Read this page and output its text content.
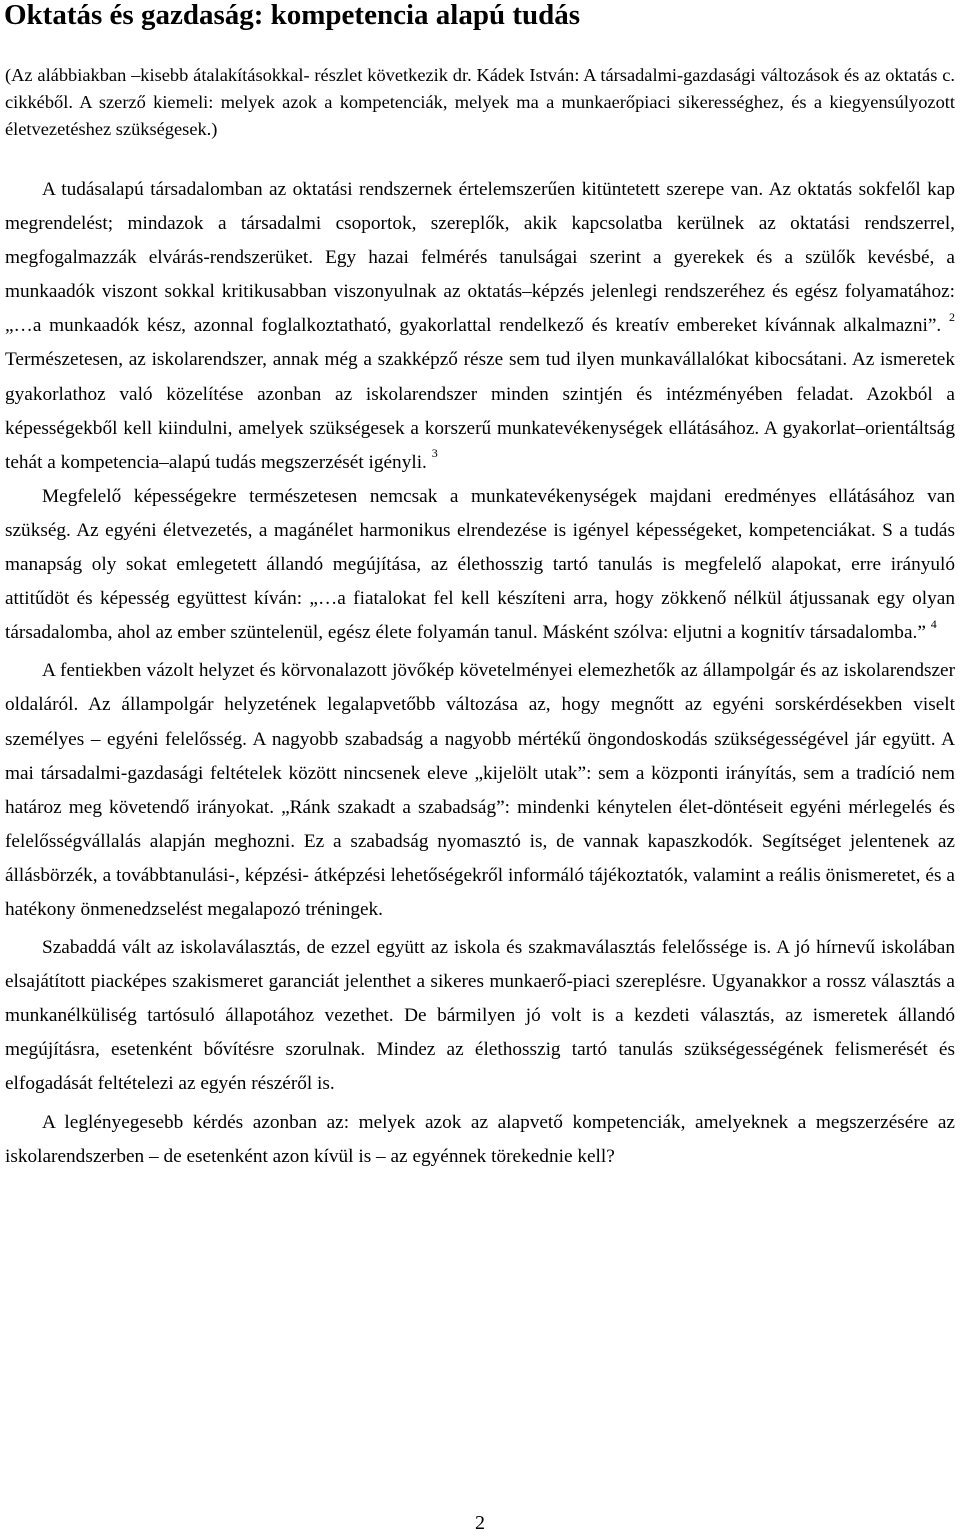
Oktatás és gazdaság: kompetencia alapú tudás

(Az alábbiakban –kisebb átalakításokkal- részlet következik dr. Kádek István: A társadalmi-gazdasági változások és az oktatás c. cikkéből. A szerző kiemeli: melyek azok a kompetenciák, melyek ma a munkaerőpiaci sikerességhez, és a kiegyensúlyozott életvezetéshez szükségesek.)

A tudásalapú társadalomban az oktatási rendszernek értelemszerűen kitüntetett szerepe van. Az oktatás sokfelől kap megrendelést; mindazok a társadalmi csoportok, szereplők, akik kapcsolatba kerülnek az oktatási rendszerrel, megfogalmazzák elvárás-rendszerüket. Egy hazai felmérés tanulságai szerint a gyerekek és a szülők kevésbé, a munkaadók viszont sokkal kritikusabban viszonyulnak az oktatás–képzés jelenlegi rendszeréhez és egész folyamatához: „…a munkaadók kész, azonnal foglalkoztatható, gyakorlattal rendelkező és kreatív embereket kívánnak alkalmazni”. $^2$ Természetesen, az iskolarendszer, annak még a szakképző része sem tud ilyen munkavállalókat kibocsátani. Az ismeretek gyakorlathoz való közelítése azonban az iskolarendszer minden szintjén és intézményében feladat. Azokból a képességekből kell kiindulni, amelyek szükségesek a korszerű munkatevékenységek ellátásához. A gyakorlat–orientáltság tehát a kompetencia–alapú tudás megszerzését igényli. $^3$

Megfelelő képességekre természetesen nemcsak a munkatevékenységek majdani eredményes ellátásához van szükség. Az egyéni életvezetés, a magánélet harmonikus elrendezése is igényel képességeket, kompetenciákat. S a tudás manapság oly sokat emlegetett állandó megújítása, az élethosszig tartó tanulás is megfelelő alapokat, erre irányuló attitűdöt és képesség együttest kíván: „…a fiatalokat fel kell készíteni arra, hogy zökkenő nélkül átjussanak egy olyan társadalomba, ahol az ember szüntelenül, egész élete folyamán tanul. Másként szólva: eljutni a kognitív társadalomba.” $^4$

A fentiekben vázolt helyzet és körvonalazott jövőkép követelményei elemezhetők az állampolgár és az iskolarendszer oldaláról. Az állampolgár helyzetének legalapvetőbb változása az, hogy megnőtt az egyéni sorskérdésekben viselt személyes – egyéni felelősség. A nagyobb szabadság a nagyobb mértékű öngondoskodás szükségességével jár együtt. A mai társadalmi-gazdasági feltételek között nincsenek eleve „kijelölt utak”: sem a központi irányítás, sem a tradíció nem határoz meg követendő irányokat. „Ránk szakadt a szabadság”: mindenki kénytelen élet-döntéseit egyéni mérlegelés és felelősségvállalás alapján meghozni. Ez a szabadság nyomasztó is, de vannak kapaszkodók. Segítséget jelentenek az állásbörzék, a továbbtanulási-, képzési- átképzési lehetőségekről informáló tájékoztatók, valamint a reális önismeretet, és a hatékony önmenedzselést megalapozó tréningek.

Szabaddá vált az iskolaválasztás, de ezzel együtt az iskola és szakmaválasztás felelőssége is. A jó hírnevű iskolában elsajátított piacképes szakismeret garanciát jelenthet a sikeres munkaerő-piaci szereplésre. Ugyanakkor a rossz választás a munkanélküliség tartósuló állapotához vezethet. De bármilyen jó volt is a kezdeti választás, az ismeretek állandó megújításra, esetenként bővítésre szorulnak. Mindez az élethosszig tartó tanulás szükségességének felismerését és elfogadását feltételezi az egyén részéről is.

A leglényegesebb kérdés azonban az: melyek azok az alapvető kompetenciák, amelyeknek a megszerzésére az iskolarendszerben – de esetenként azon kívül is – az egyénnek törekednie kell?

2
